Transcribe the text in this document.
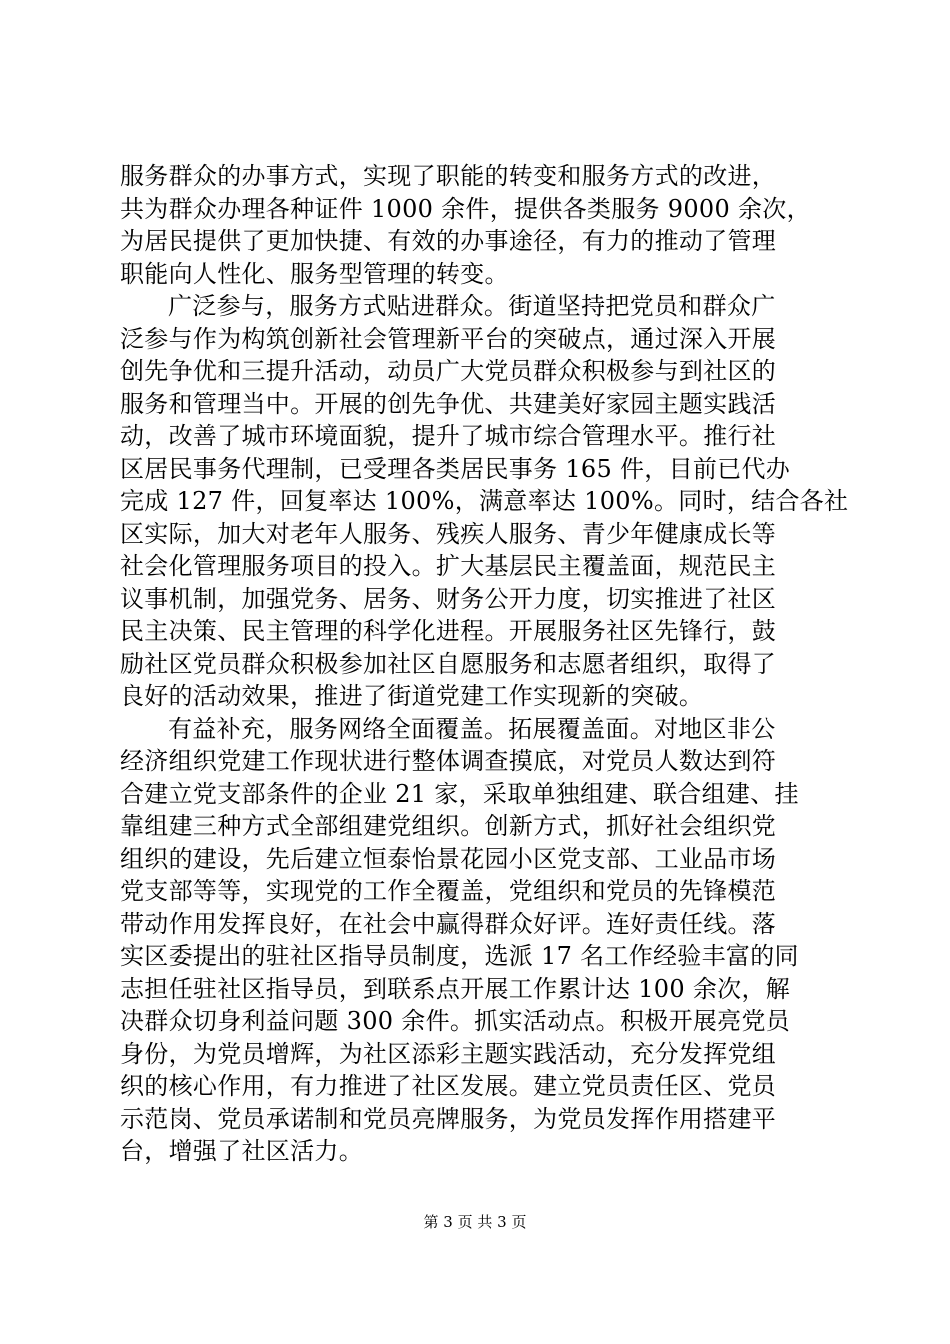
服务群众的办事方式，实现了职能的转变和服务方式的改进，
共为群众办理各种证件 1000 余件，提供各类服务 9000 余次，
为居民提供了更加快捷、有效的办事途径，有力的推动了管理
职能向人性化、服务型管理的转变。
广泛参与，服务方式贴进群众。街道坚持把党员和群众广
泛参与作为构筑创新社会管理新平台的突破点，通过深入开展
创先争优和三提升活动，动员广大党员群众积极参与到社区的
服务和管理当中。开展的创先争优、共建美好家园主题实践活
动，改善了城市环境面貌，提升了城市综合管理水平。推行社
区居民事务代理制，已受理各类居民事务 165 件，目前已代办
完成 127 件，回复率达 100%，满意率达 100%。同时，结合各社
区实际，加大对老年人服务、残疾人服务、青少年健康成长等
社会化管理服务项目的投入。扩大基层民主覆盖面，规范民主
议事机制，加强党务、居务、财务公开力度，切实推进了社区
民主决策、民主管理的科学化进程。开展服务社区先锋行，鼓
励社区党员群众积极参加社区自愿服务和志愿者组织，取得了
良好的活动效果，推进了街道党建工作实现新的突破。
有益补充，服务网络全面覆盖。拓展覆盖面。对地区非公
经济组织党建工作现状进行整体调查摸底，对党员人数达到符
合建立党支部条件的企业 21 家，采取单独组建、联合组建、挂
靠组建三种方式全部组建党组织。创新方式，抓好社会组织党
组织的建设，先后建立恒泰怡景花园小区党支部、工业品市场
党支部等等，实现党的工作全覆盖，党组织和党员的先锋模范
带动作用发挥良好，在社会中赢得群众好评。连好责任线。落
实区委提出的驻社区指导员制度，选派 17 名工作经验丰富的同
志担任驻社区指导员，到联系点开展工作累计达 100 余次，解
决群众切身利益问题 300 余件。抓实活动点。积极开展亮党员
身份，为党员增辉，为社区添彩主题实践活动，充分发挥党组
织的核心作用，有力推进了社区发展。建立党员责任区、党员
示范岗、党员承诺制和党员亮牌服务，为党员发挥作用搭建平
台，增强了社区活力。
第 3 页 共 3 页
